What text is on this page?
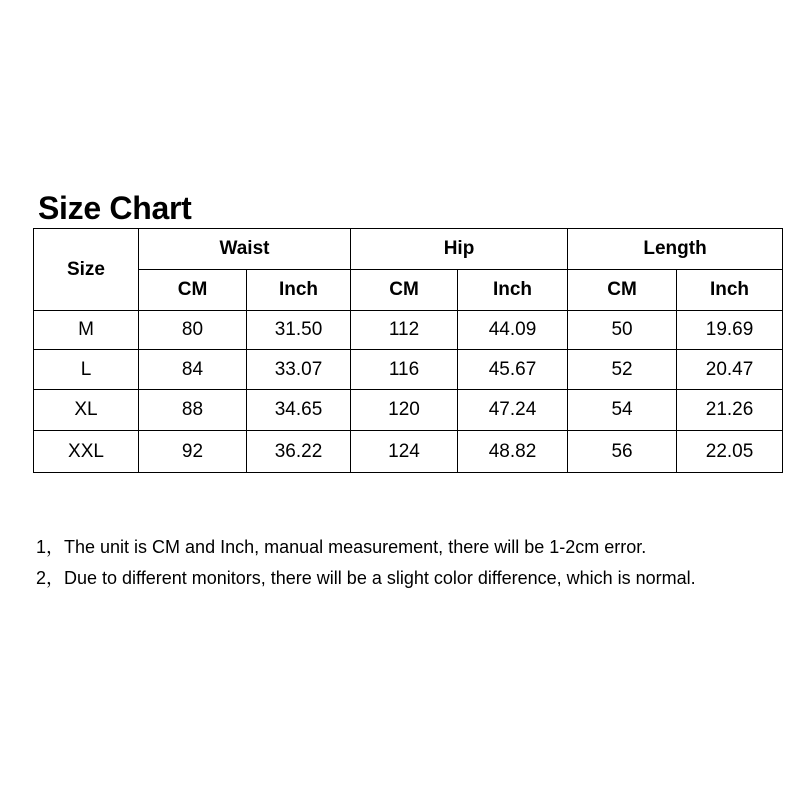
Size Chart
Size	Waist		Hip		Length	
	CM	Inch	CM	Inch	CM	Inch
M	80	31.50	112	44.09	50	19.69
L	84	33.07	116	45.67	52	20.47
XL	88	34.65	120	47.24	54	21.26
XXL	92	36.22	124	48.82	56	22.05
1，The unit is CM and Inch, manual measurement, there will be 1-2cm error.
2，Due to different monitors, there will be a slight color difference, which is normal.
